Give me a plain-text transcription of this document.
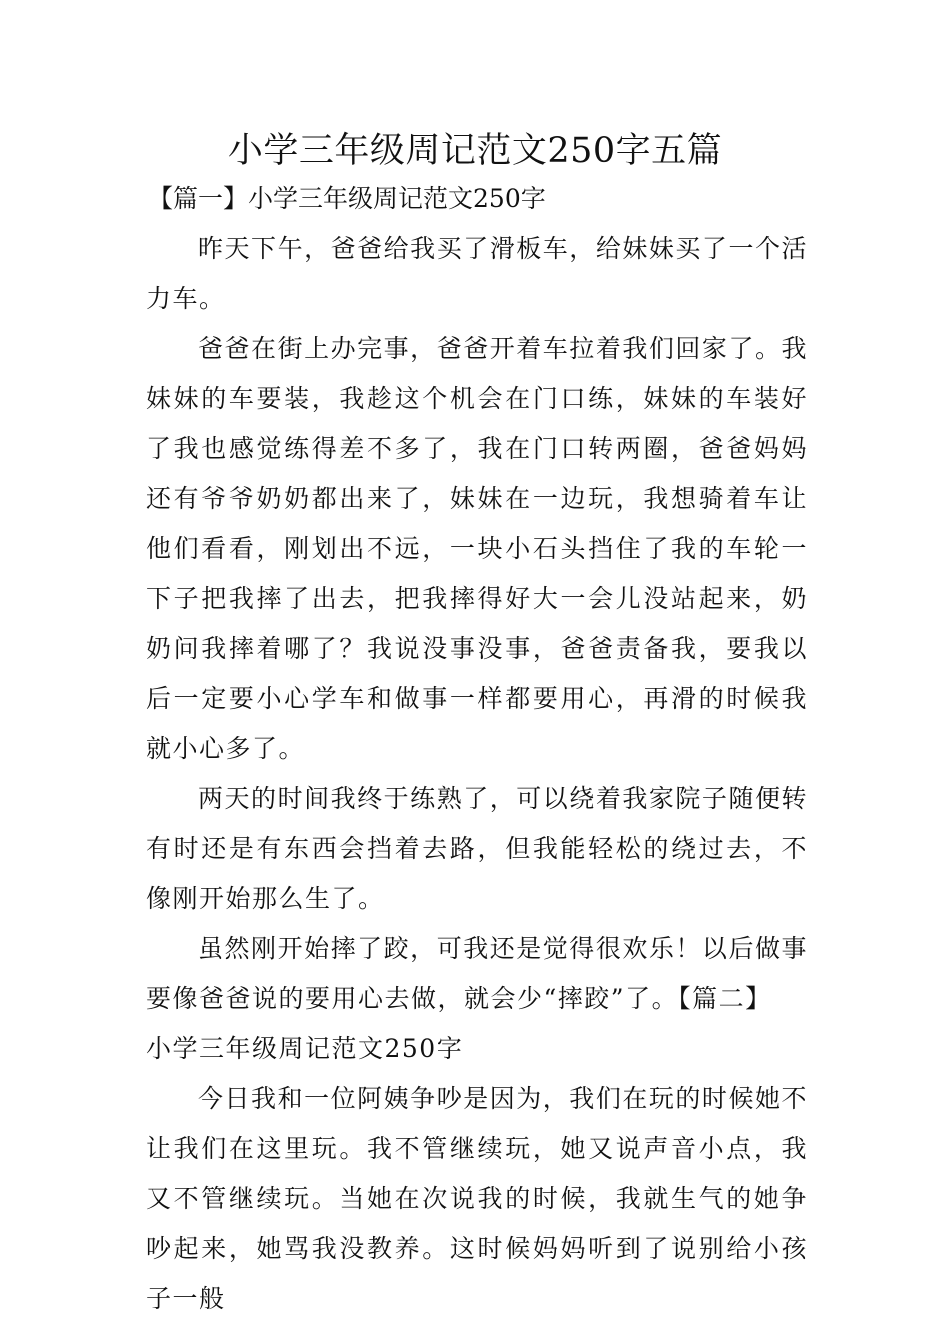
小学三年级周记范文250字五篇
【篇一】小学三年级周记范文250字

昨天下午，爸爸给我买了滑板车，给妹妹买了一个活力车。

爸爸在街上办完事，爸爸开着车拉着我们回家了。我妹妹的车要装，我趁这个机会在门口练，妹妹的车装好了我也感觉练得差不多了，我在门口转两圈，爸爸妈妈还有爷爷奶奶都出来了，妹妹在一边玩，我想骑着车让他们看看，刚划出不远，一块小石头挡住了我的车轮一下子把我摔了出去，把我摔得好大一会儿没站起来，奶奶问我摔着哪了？我说没事没事，爸爸责备我，要我以后一定要小心学车和做事一样都要用心，再滑的时候我就小心多了。

两天的时间我终于练熟了，可以绕着我家院子随便转有时还是有东西会挡着去路，但我能轻松的绕过去，不像刚开始那么生了。

虽然刚开始摔了跤，可我还是觉得很欢乐！以后做事要像爸爸说的要用心去做，就会少“摔跤”了。【篇二】

小学三年级周记范文250字

今日我和一位阿姨争吵是因为，我们在玩的时候她不让我们在这里玩。我不管继续玩，她又说声音小点，我又不管继续玩。当她在次说我的时候，我就生气的她争吵起来，她骂我没教养。这时候妈妈听到了说别给小孩子一般
